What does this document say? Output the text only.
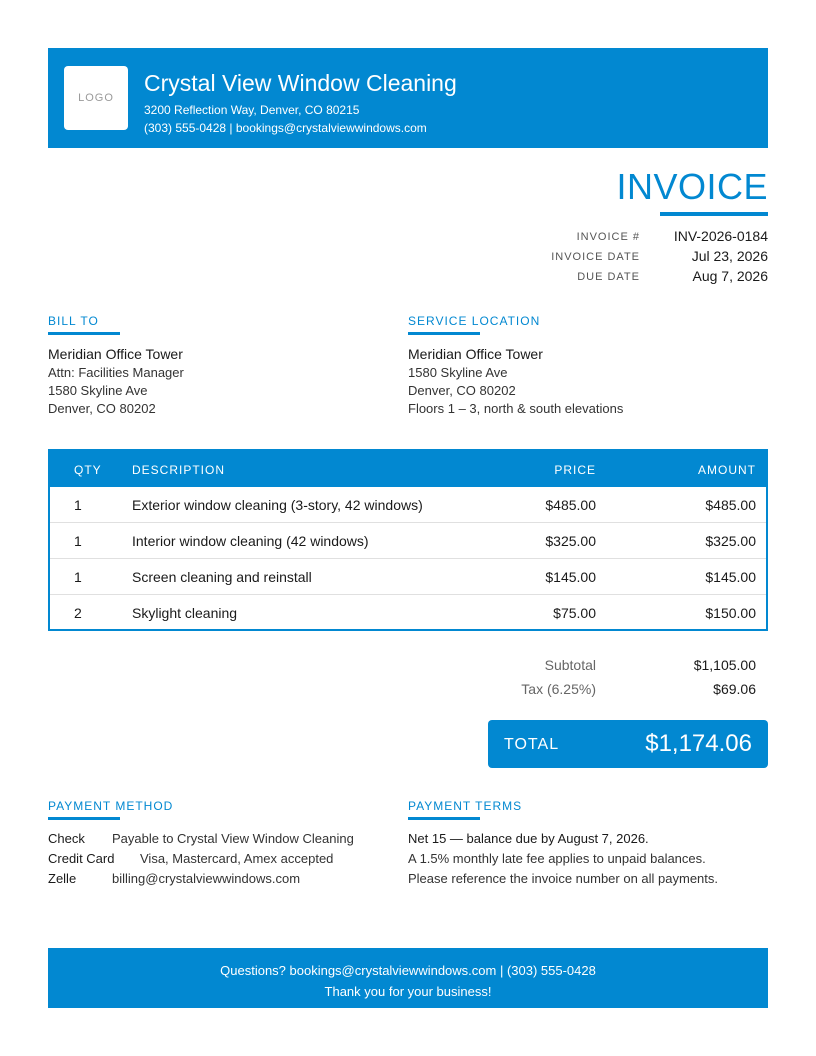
LOGO
Crystal View Window Cleaning
3200 Reflection Way, Denver, CO 80215
(303) 555-0428 | bookings@crystalviewwindows.com
INVOICE
INVOICE # INV-2026-0184
INVOICE DATE	Jul 23, 2026
DUE DATE	Aug 7, 2026
BILL TO
Meridian Office Tower
Attn: Facilities Manager
1580 Skyline Ave
Denver, CO 80202
SERVICE LOCATION
Meridian Office Tower
1580 Skyline Ave
Denver, CO 80202
Floors 1 – 3, north & south elevations
QTY	DESCRIPTION	PRICE	AMOUNT
1	Exterior window cleaning (3-story, 42 windows)	$485.00	$485.00
1	Interior window cleaning (42 windows)	$325.00	$325.00
1	Screen cleaning and reinstall	$145.00	$145.00
2	Skylight cleaning	$75.00	$150.00
Subtotal	$1,105.00
Tax (6.25%)	$69.06
TOTAL	$1,174.06
PAYMENT METHOD
Check Payable to Crystal View Window Cleaning
Credit Card Visa, Mastercard, Amex accepted
Zelle	billing@crystalviewwindows.com
PAYMENT TERMS
Net 15 — balance due by August 7, 2026.
A 1.5% monthly late fee applies to unpaid balances.
Please reference the invoice number on all payments.
Questions? bookings@crystalviewwindows.com | (303) 555-0428
Thank you for your business!
